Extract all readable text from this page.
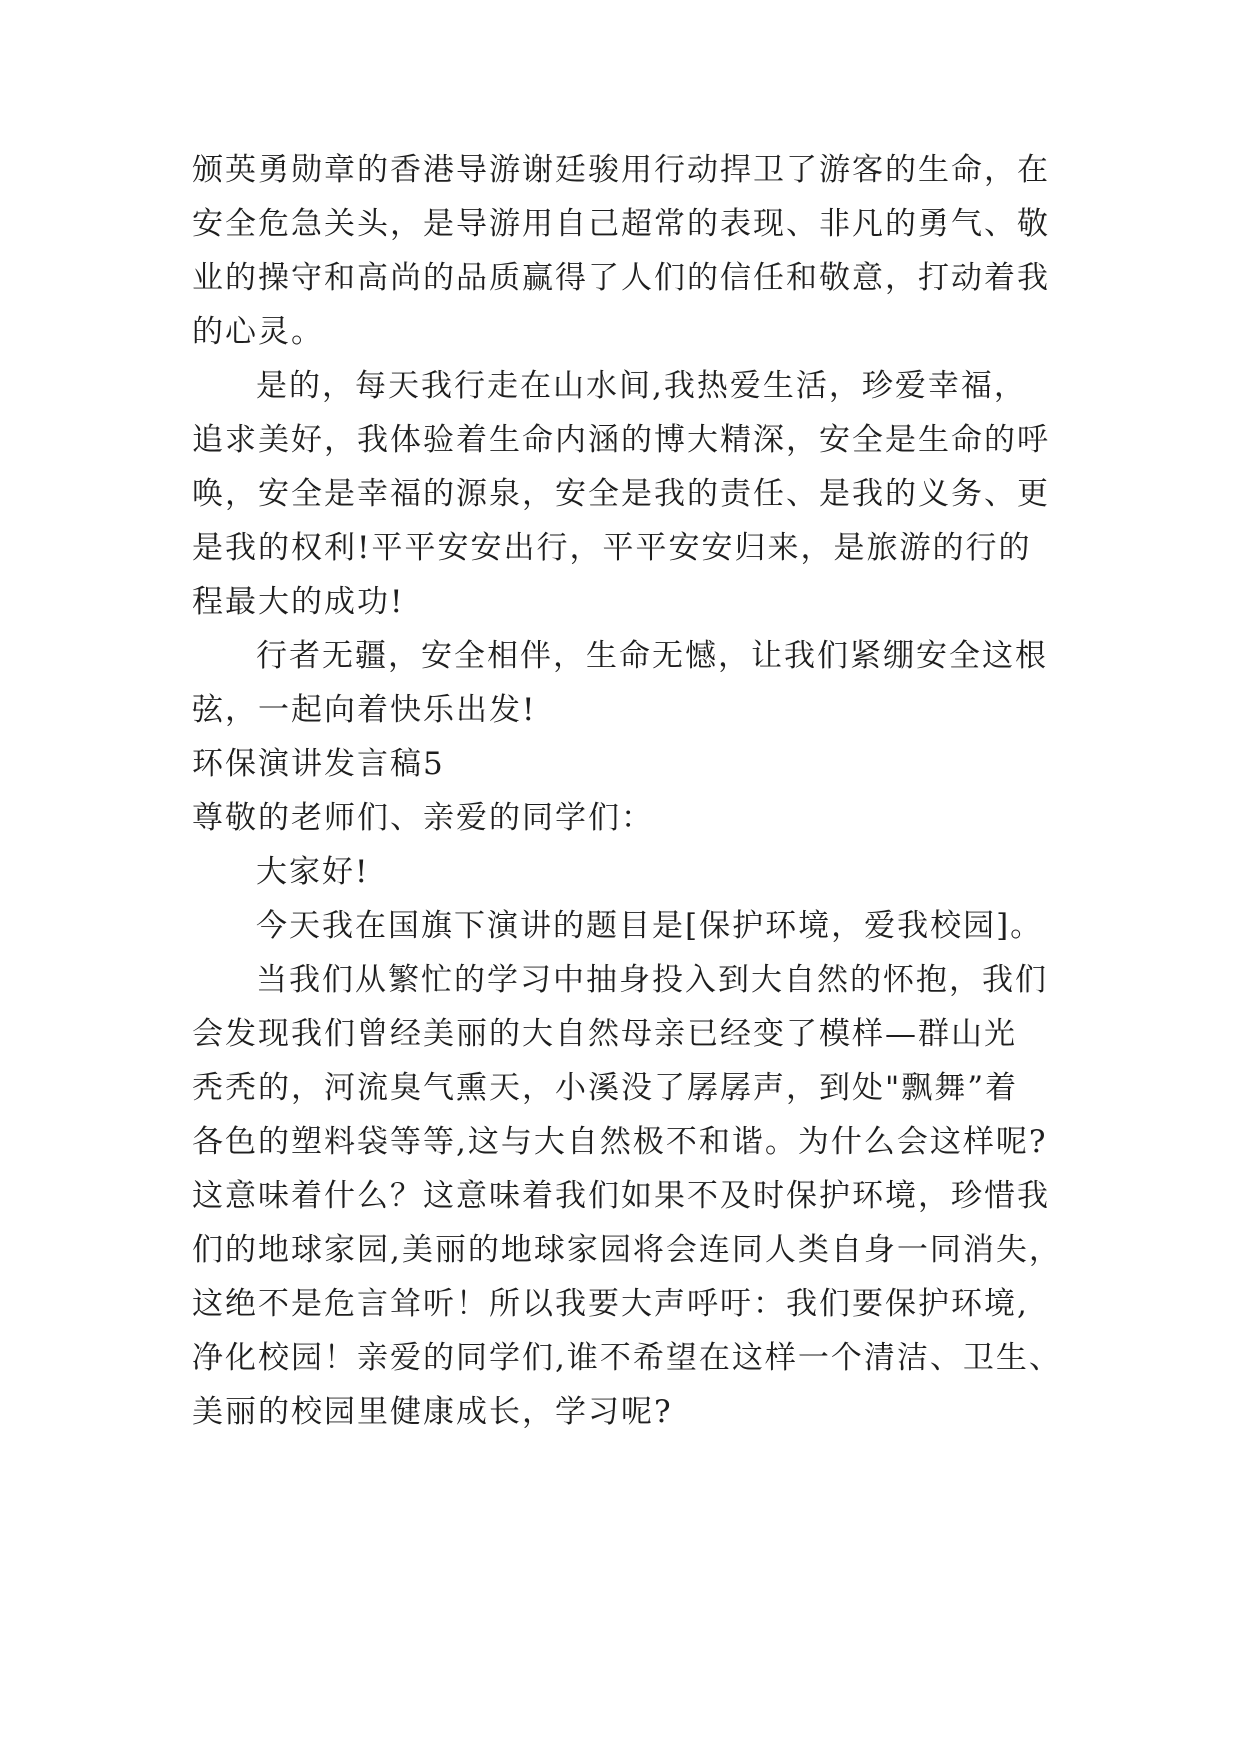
颁英勇勋章的香港导游谢廷骏用行动捍卫了游客的生命，在
安全危急关头，是导游用自己超常的表现、非凡的勇气、敬
业的操守和高尚的品质赢得了人们的信任和敬意，打动着我
的心灵。
是的，每天我行走在山水间,我热爱生活，珍爱幸福，
追求美好，我体验着生命内涵的博大精深，安全是生命的呼
唤，安全是幸福的源泉，安全是我的责任、是我的义务、更
是我的权利!平平安安出行，平平安安归来，是旅游的行的
程最大的成功!
行者无疆，安全相伴，生命无憾，让我们紧绷安全这根
弦，一起向着快乐出发!
环保演讲发言稿5
尊敬的老师们、亲爱的同学们：
大家好!
今天我在国旗下演讲的题目是[保护环境，爱我校园]。
当我们从繁忙的学习中抽身投入到大自然的怀抱，我们
会发现我们曾经美丽的大自然母亲已经变了模样—群山光
秃秃的，河流臭气熏天，小溪没了孱孱声，到处"飘舞”着
各色的塑料袋等等,这与大自然极不和谐。为什么会这样呢?
这意味着什么？这意味着我们如果不及时保护环境，珍惜我
们的地球家园,美丽的地球家园将会连同人类自身一同消失，
这绝不是危言耸听！所以我要大声呼吁：我们要保护环境,
净化校园！亲爱的同学们,谁不希望在这样一个清洁、卫生、
美丽的校园里健康成长，学习呢?
